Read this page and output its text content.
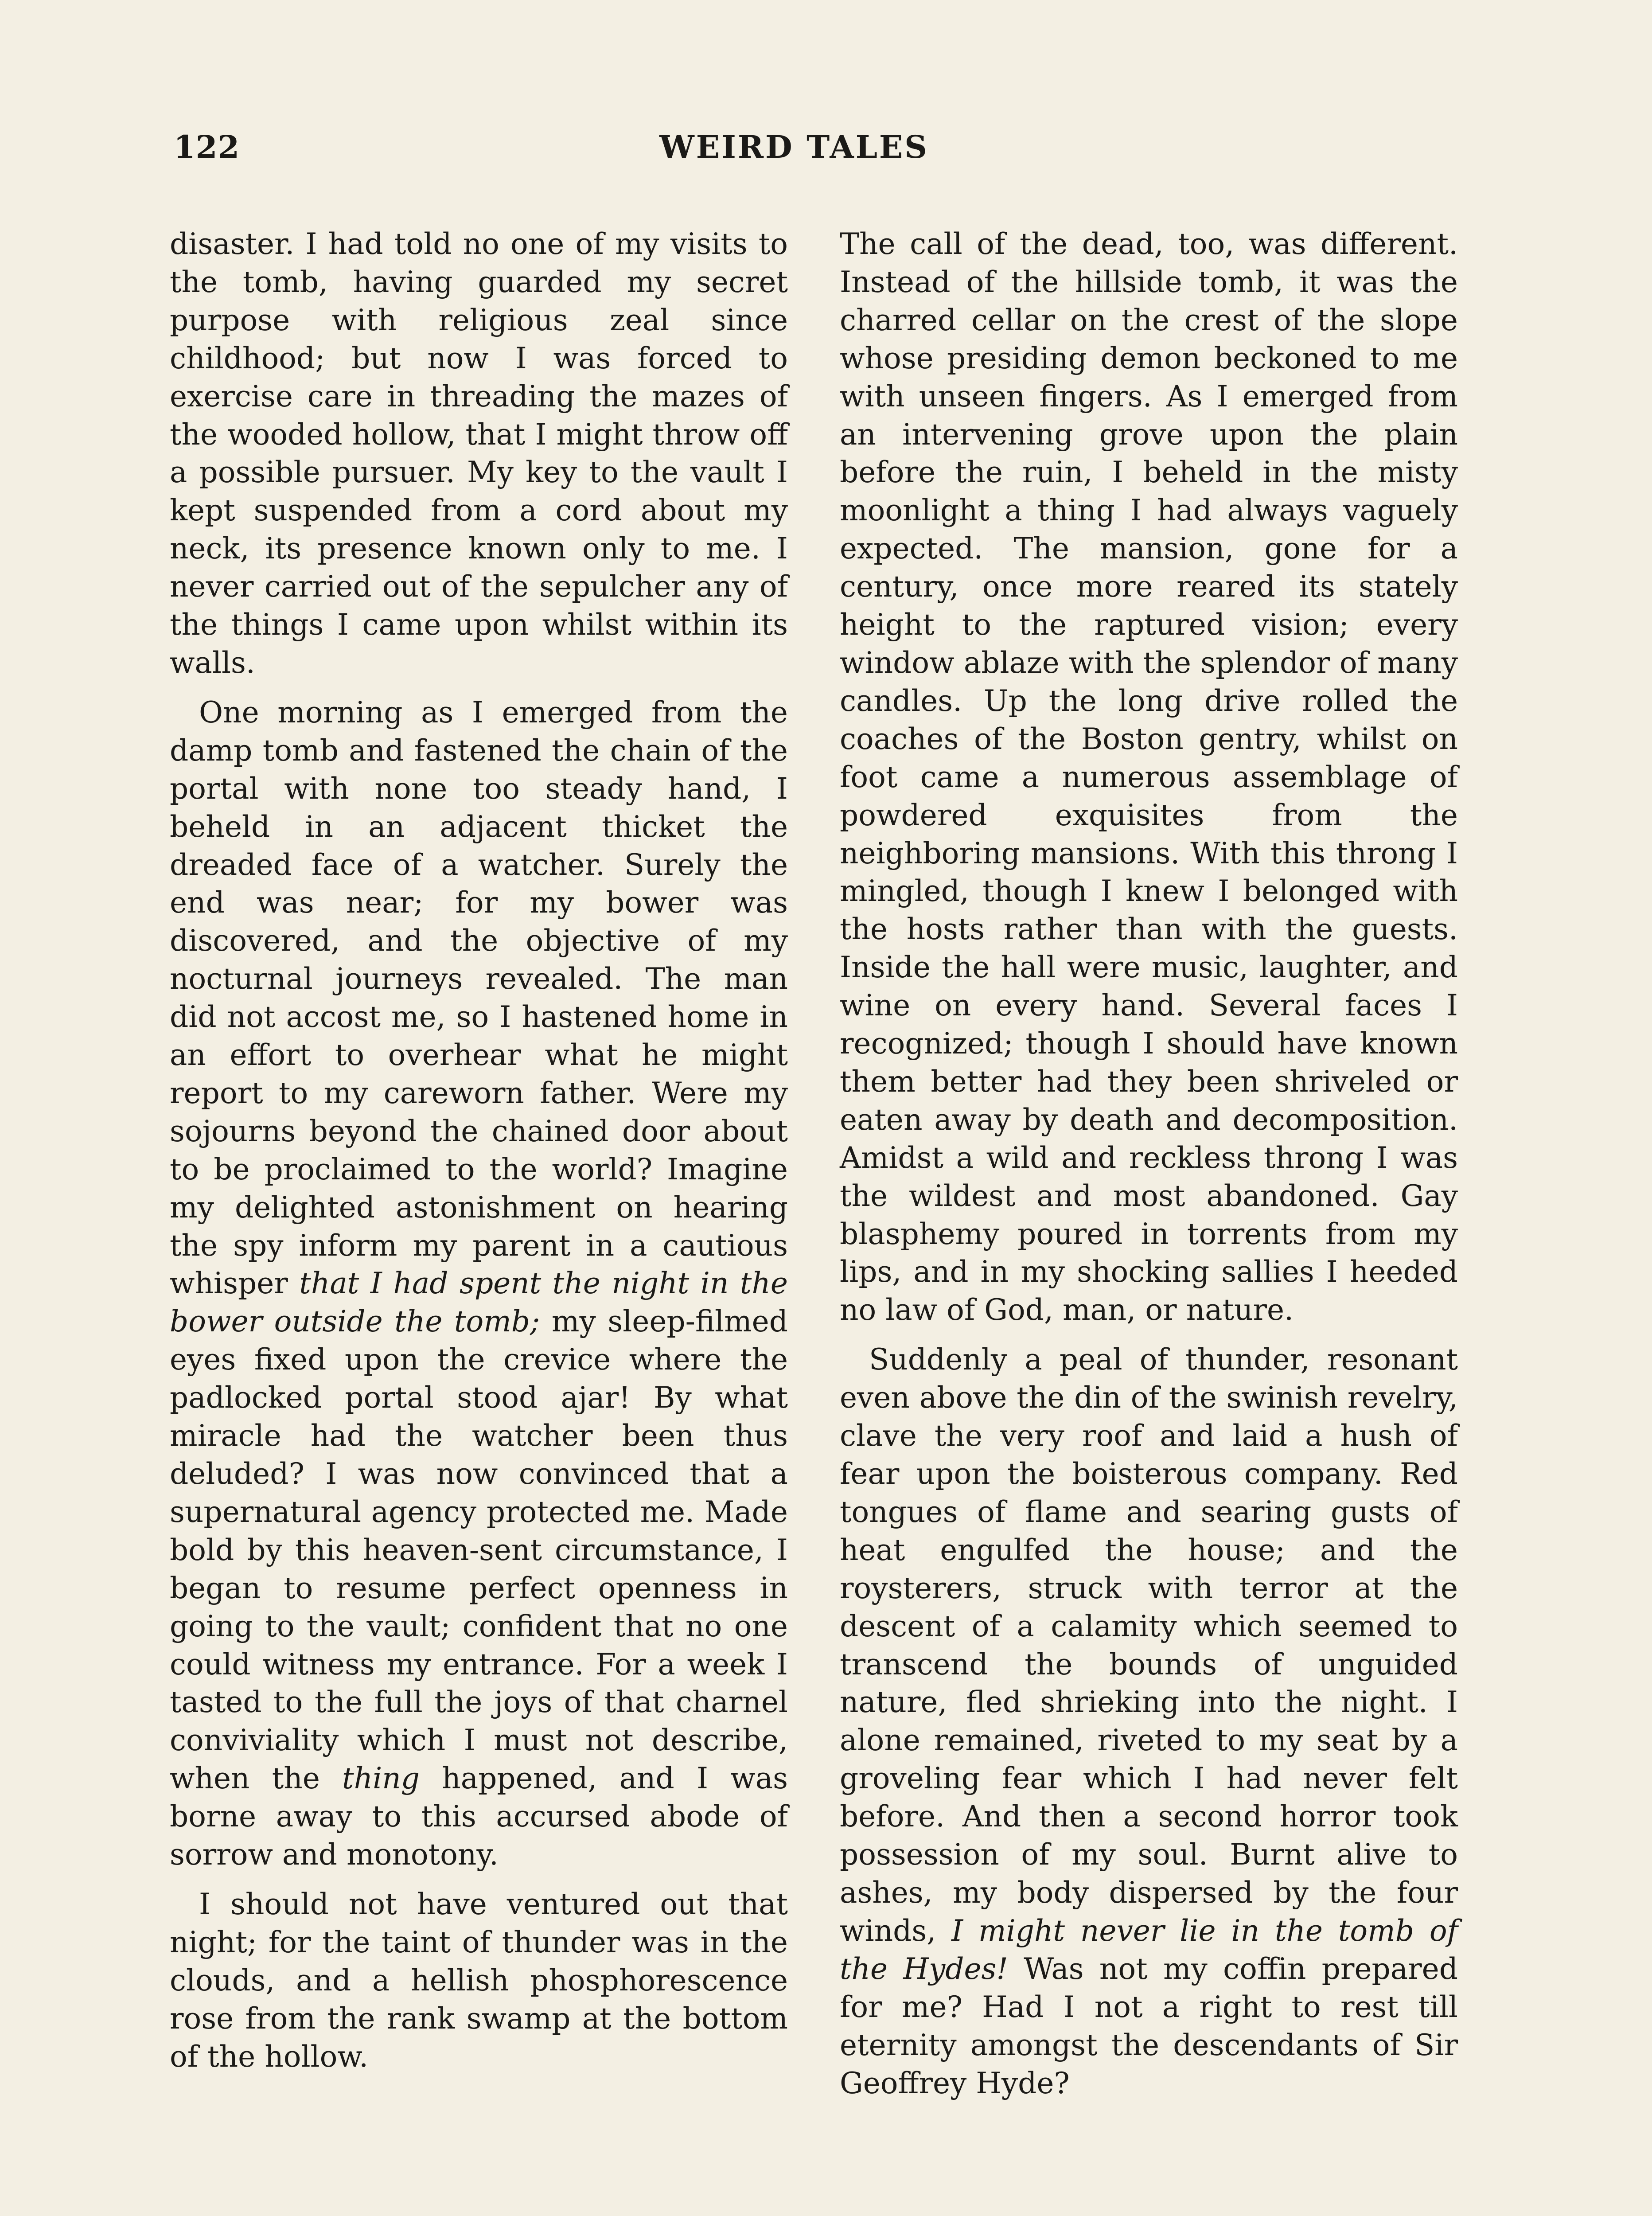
122	WEIRD TALES

disaster. I had told no one of my visits to the tomb, having guarded my secret purpose with religious zeal since childhood; but now I was forced to exercise care in threading the mazes of the wooded hollow, that I might throw off a possible pursuer. My key to the vault I kept suspended from a cord about my neck, its presence known only to me. I never carried out of the sepulcher any of the things I came upon whilst within its walls.

One morning as I emerged from the damp tomb and fastened the chain of the portal with none too steady hand, I beheld in an adjacent thicket the dreaded face of a watcher. Surely the end was near; for my bower was discovered, and the objective of my nocturnal journeys revealed. The man did not accost me, so I hastened home in an effort to overhear what he might report to my careworn father. Were my sojourns beyond the chained door about to be proclaimed to the world? Imagine my delighted astonishment on hearing the spy inform my parent in a cautious whisper that I had spent the night in the bower outside the tomb; my sleep-filmed eyes fixed upon the crevice where the padlocked portal stood ajar! By what miracle had the watcher been thus deluded? I was now convinced that a supernatural agency protected me. Made bold by this heaven-sent circumstance, I began to resume perfect openness in going to the vault; confident that no one could witness my entrance. For a week I tasted to the full the joys of that charnel conviviality which I must not describe, when the thing happened, and I was borne away to this accursed abode of sorrow and monotony.

I should not have ventured out that night; for the taint of thunder was in the clouds, and a hellish phosphorescence rose from the rank swamp at the bottom of the hollow.

The call of the dead, too, was different. Instead of the hillside tomb, it was the charred cellar on the crest of the slope whose presiding demon beckoned to me with unseen fingers. As I emerged from an intervening grove upon the plain before the ruin, I beheld in the misty moonlight a thing I had always vaguely expected. The mansion, gone for a century, once more reared its stately height to the raptured vision; every window ablaze with the splendor of many candles. Up the long drive rolled the coaches of the Boston gentry, whilst on foot came a numerous assemblage of powdered exquisites from the neighboring mansions. With this throng I mingled, though I knew I belonged with the hosts rather than with the guests. Inside the hall were music, laughter, and wine on every hand. Several faces I recognized; though I should have known them better had they been shriveled or eaten away by death and decomposition. Amidst a wild and reckless throng I was the wildest and most abandoned. Gay blasphemy poured in torrents from my lips, and in my shocking sallies I heeded no law of God, man, or nature.

Suddenly a peal of thunder, resonant even above the din of the swinish revelry, clave the very roof and laid a hush of fear upon the boisterous company. Red tongues of flame and searing gusts of heat engulfed the house; and the roysterers, struck with terror at the descent of a calamity which seemed to transcend the bounds of unguided nature, fled shrieking into the night. I alone remained, riveted to my seat by a groveling fear which I had never felt before. And then a second horror took possession of my soul. Burnt alive to ashes, my body dispersed by the four winds, I might never lie in the tomb of the Hydes! Was not my coffin prepared for me? Had I not a right to rest till eternity amongst the descendants of Sir Geoffrey Hyde?
